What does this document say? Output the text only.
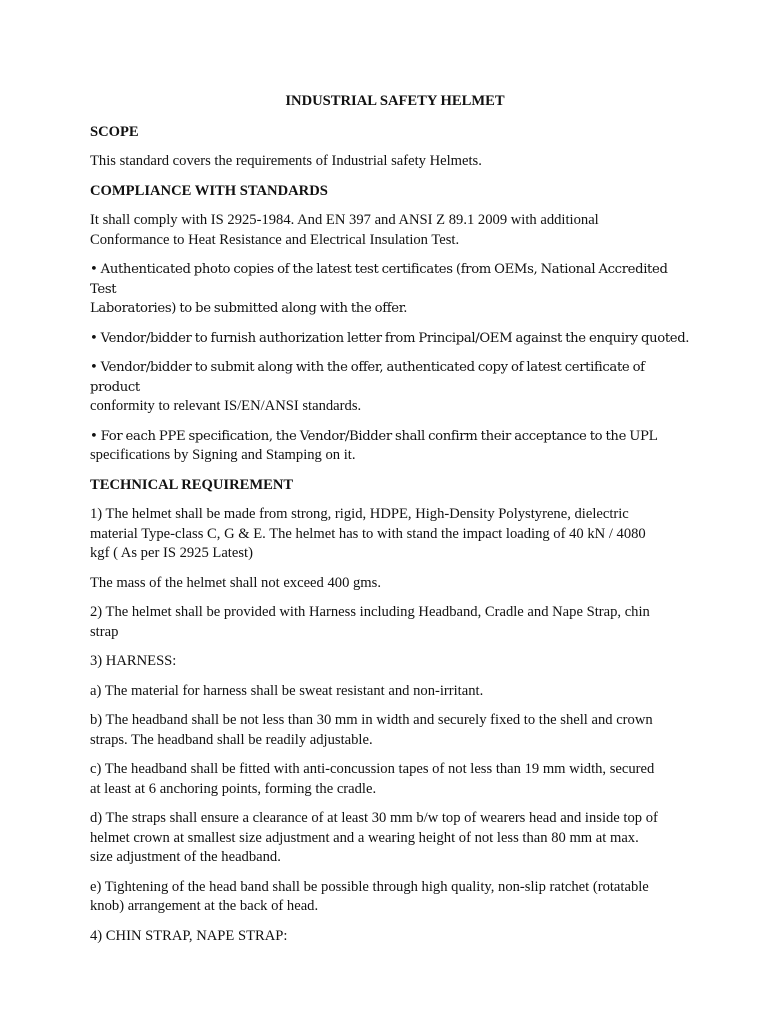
INDUSTRIAL SAFETY HELMET
SCOPE
This standard covers the requirements of Industrial safety Helmets.
COMPLIANCE WITH STANDARDS
It shall comply with IS 2925-1984. And EN 397 and ANSI Z 89.1 2009 with additional
Conformance to Heat Resistance and Electrical Insulation Test.
• Authenticated photo copies of the latest test certificates (from OEMs, National Accredited Test
Laboratories) to be submitted along with the offer.
• Vendor/bidder to furnish authorization letter from Principal/OEM against the enquiry quoted.
• Vendor/bidder to submit along with the offer, authenticated copy of latest certificate of product
conformity to relevant IS/EN/ANSI standards.
• For each PPE specification, the Vendor/Bidder shall confirm their acceptance to the UPL
specifications by Signing and Stamping on it.
TECHNICAL REQUIREMENT
1) The helmet shall be made from strong, rigid, HDPE, High-Density Polystyrene, dielectric
material Type-class C, G & E. The helmet has to with stand the impact loading of 40 kN / 4080
kgf ( As per IS 2925 Latest)
The mass of the helmet shall not exceed 400 gms.
2) The helmet shall be provided with Harness including Headband, Cradle and Nape Strap, chin
strap
3) HARNESS:
a) The material for harness shall be sweat resistant and non-irritant.
b) The headband shall be not less than 30 mm in width and securely fixed to the shell and crown
straps. The headband shall be readily adjustable.
c) The headband shall be fitted with anti-concussion tapes of not less than 19 mm width, secured
at least at 6 anchoring points, forming the cradle.
d) The straps shall ensure a clearance of at least 30 mm b/w top of wearers head and inside top of
helmet crown at smallest size adjustment and a wearing height of not less than 80 mm at max.
size adjustment of the headband.
e) Tightening of the head band shall be possible through high quality, non-slip ratchet (rotatable
knob) arrangement at the back of head.
4) CHIN STRAP, NAPE STRAP:
